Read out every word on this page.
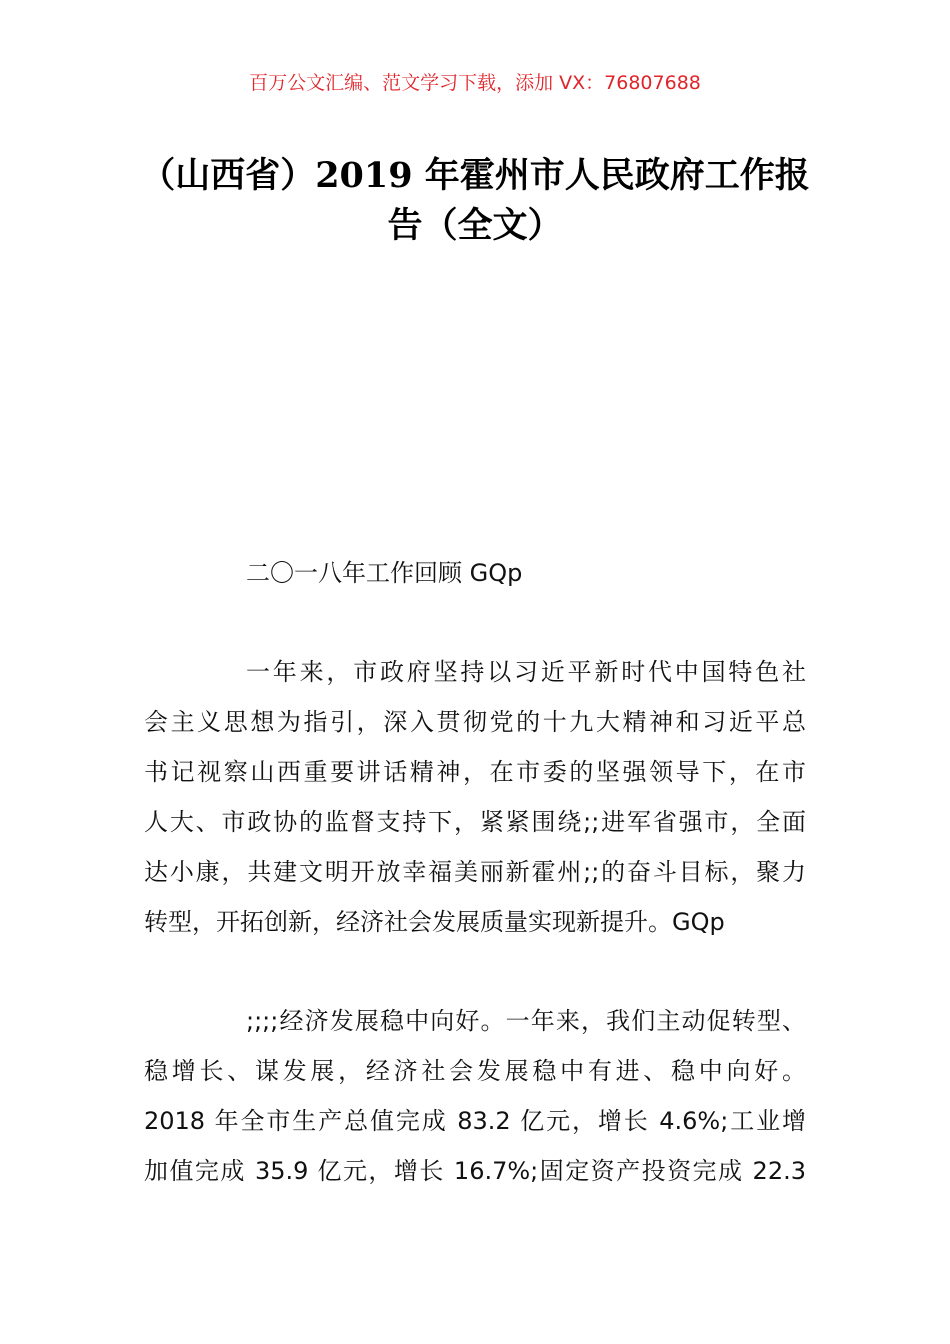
百万公文汇编、范文学习下载，添加 VX：76807688
（山西省）2019 年霍州市人民政府工作报
告（全文）
二〇一八年工作回顾 GQp
一年来，市政府坚持以习近平新时代中国特色社
会主义思想为指引，深入贯彻党的十九大精神和习近平总
书记视察山西重要讲话精神，在市委的坚强领导下，在市
人大、市政协的监督支持下，紧紧围绕;;进军省强市，全面
达小康，共建文明开放幸福美丽新霍州;;的奋斗目标，聚力
转型，开拓创新，经济社会发展质量实现新提升。GQp
;;;;经济发展稳中向好。一年来，我们主动促转型、
稳增长、谋发展，经济社会发展稳中有进、稳中向好。
2018 年全市生产总值完成 83.2 亿元，增长 4.6%;工业增
加值完成 35.9 亿元，增长 16.7%;固定资产投资完成 22.3
